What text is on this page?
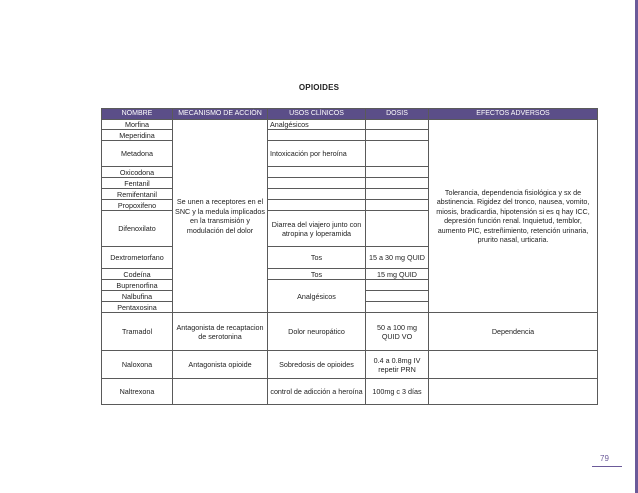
OPIOIDES
NOMBRE	MECANISMO DE ACCIÓN	USOS CLÍNICOS	DOSIS	EFECTOS ADVERSOS
Morfina	Se unen a receptores en el SNC y la medula implicados en la transmisión y modulación del dolor	Analgésicos		Tolerancia, dependencia fisiológica y sx de abstinencia. Rigidez del tronco, nausea, vomito, miosis, bradicardia, hipotensión si es q hay ICC, depresión función renal. Inquietud, temblor, aumento PIC, estreñimiento, retención urinaria, prurito nasal, urticaria.
Meperidina				
Metadona		Intoxicación por heroína		
Oxicodona				
Fentanil				
Remifentanil				
Propoxifeno				
Difenoxilato		Diarrea del viajero junto con atropina y loperamida		
Dextrometorfano		Tos	15 a 30 mg QUID	
Codeína		Tos	15 mg QUID	
Buprenorfina		Analgésicos		
Nalbufina				
Pentaxosina				
Tramadol	Antagonista de recaptacion de serotonina	Dolor neuropático	50 a 100 mg QUID VO	Dependencia
Naloxona	Antagonista opioide	Sobredosis de opioides	0.4 a 0.8mg IV repetir PRN	
Naltrexona		control de adicción a heroína	100mg c 3 días	
79
